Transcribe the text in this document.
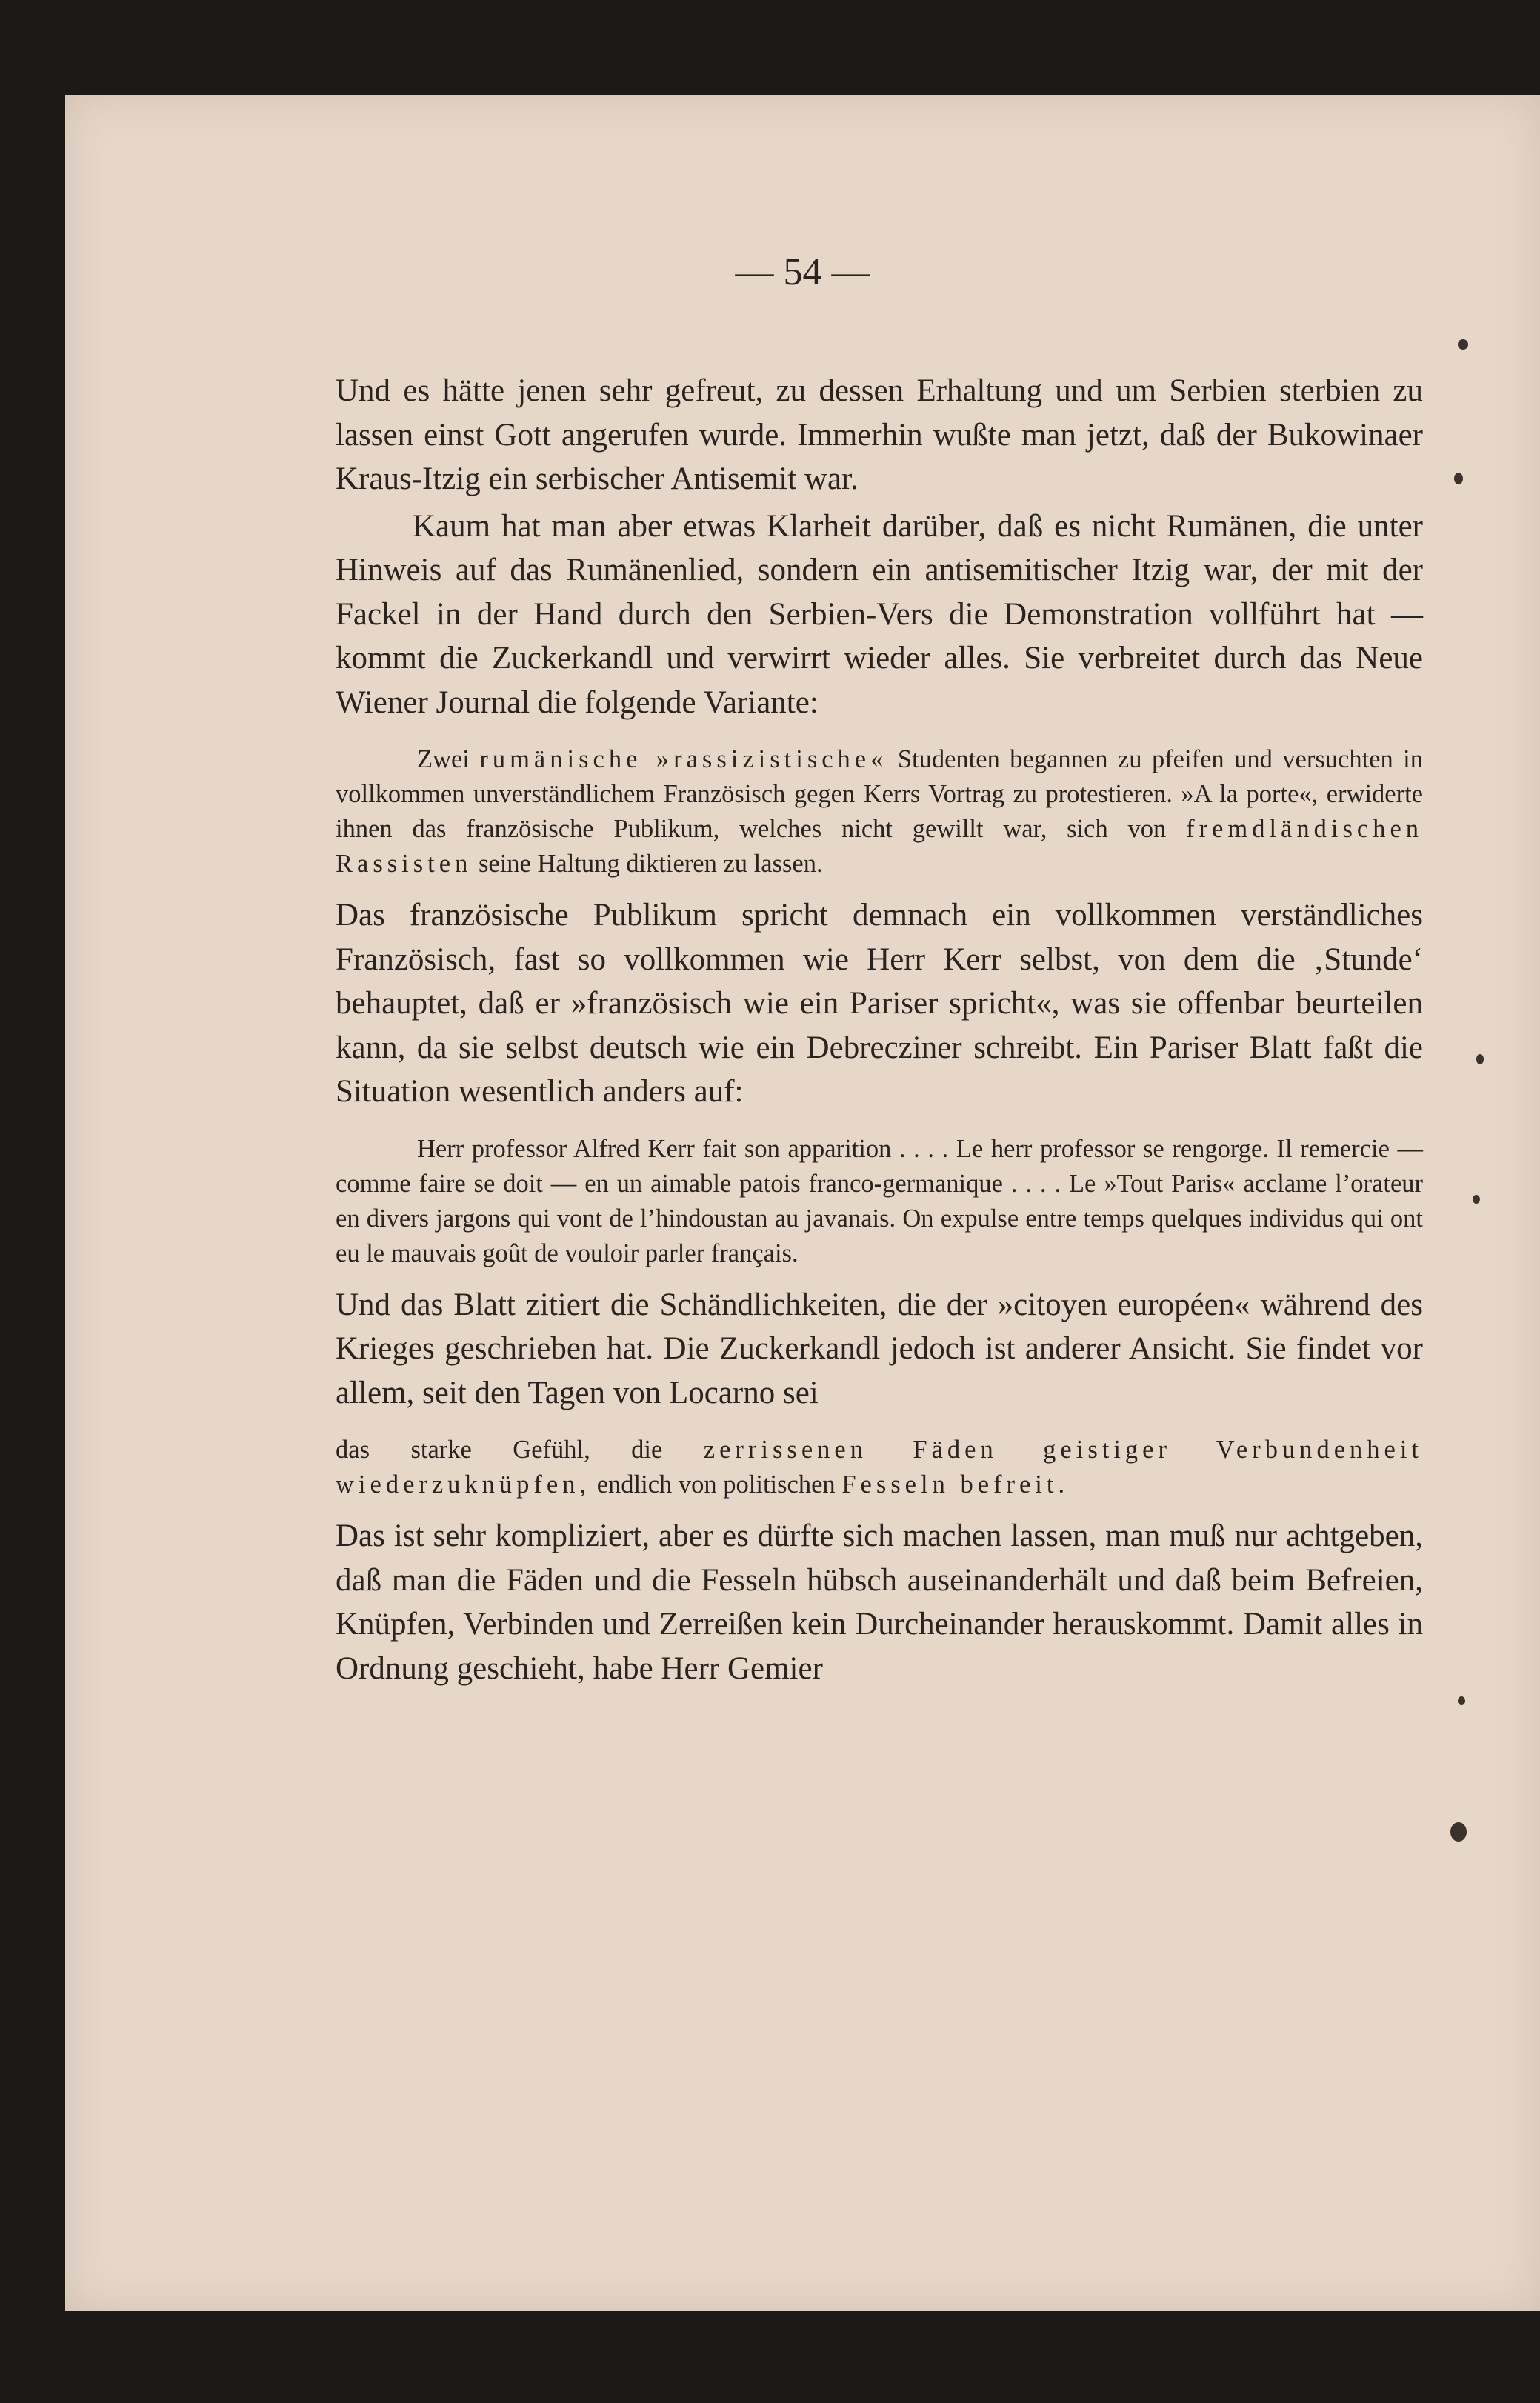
— 54 —

Und es hätte jenen sehr gefreut, zu dessen Erhaltung und um Serbien sterbien zu lassen einst Gott angerufen wurde. Immerhin wußte man jetzt, daß der Bukowinaer Kraus-Itzig ein serbischer Antisemit war.

Kaum hat man aber etwas Klarheit darüber, daß es nicht Rumänen, die unter Hinweis auf das Rumänenlied, sondern ein antisemitischer Itzig war, der mit der Fackel in der Hand durch den Serbien-Vers die Demonstration vollführt hat — kommt die Zuckerkandl und verwirrt wieder alles. Sie verbreitet durch das Neue Wiener Journal die folgende Variante:

Zwei rumänische »rassizistische« Studenten begannen zu pfeifen und versuchten in vollkommen unverständlichem Französisch gegen Kerrs Vortrag zu protestieren. »A la porte«, erwiderte ihnen das französische Publikum, welches nicht gewillt war, sich von fremdländischen Rassisten seine Haltung diktieren zu lassen.

Das französische Publikum spricht demnach ein vollkommen verständliches Französisch, fast so vollkommen wie Herr Kerr selbst, von dem die ‚Stunde‘ behauptet, daß er »französisch wie ein Pariser spricht«, was sie offenbar beurteilen kann, da sie selbst deutsch wie ein Debrecziner schreibt. Ein Pariser Blatt faßt die Situation wesentlich anders auf:

Herr professor Alfred Kerr fait son apparition . . . . Le herr professor se rengorge. Il remercie — comme faire se doit — en un aimable patois franco-germanique . . . . Le »Tout Paris« acclame l’orateur en divers jargons qui vont de l’hindoustan au javanais. On expulse entre temps quelques individus qui ont eu le mauvais goût de vouloir parler français.

Und das Blatt zitiert die Schändlichkeiten, die der »citoyen européen« während des Krieges geschrieben hat. Die Zuckerkandl jedoch ist anderer Ansicht. Sie findet vor allem, seit den Tagen von Locarno sei

das starke Gefühl, die zerrissenen Fäden geistiger Verbundenheit wiederzuknüpfen, endlich von politischen Fesseln befreit.

Das ist sehr kompliziert, aber es dürfte sich machen lassen, man muß nur achtgeben, daß man die Fäden und die Fesseln hübsch auseinanderhält und daß beim Befreien, Knüpfen, Verbinden und Zerreißen kein Durcheinander herauskommt. Damit alles in Ordnung geschieht, habe Herr Gemier
